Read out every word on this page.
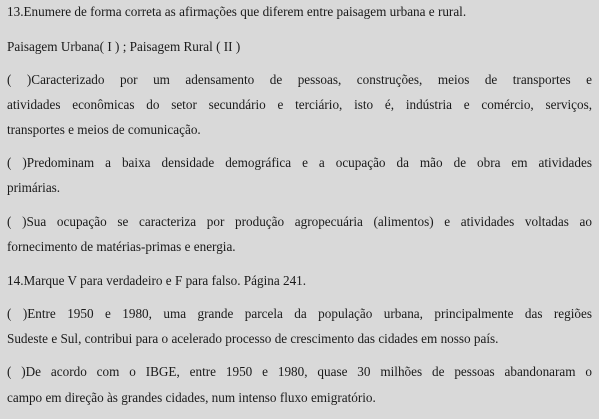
13.Enumere de forma correta as afirmações que diferem entre paisagem urbana e rural.
Paisagem Urbana( I ) ; Paisagem Rural ( II )
( )Caracterizado por um adensamento de pessoas, construções, meios de transportes e
atividades econômicas do setor secundário e terciário, isto é, indústria e comércio, serviços,
transportes e meios de comunicação.
( )Predominam a baixa densidade demográfica e a ocupação da mão de obra em atividades
primárias.
( )Sua ocupação se caracteriza por produção agropecuária (alimentos) e atividades voltadas ao
fornecimento de matérias-primas e energia.
14.Marque V para verdadeiro e F para falso. Página 241.
( )Entre 1950 e 1980, uma grande parcela da população urbana, principalmente das regiões
Sudeste e Sul, contribui para o acelerado processo de crescimento das cidades em nosso país.
( )De acordo com o IBGE, entre 1950 e 1980, quase 30 milhões de pessoas abandonaram o
campo em direção às grandes cidades, num intenso fluxo emigratório.
